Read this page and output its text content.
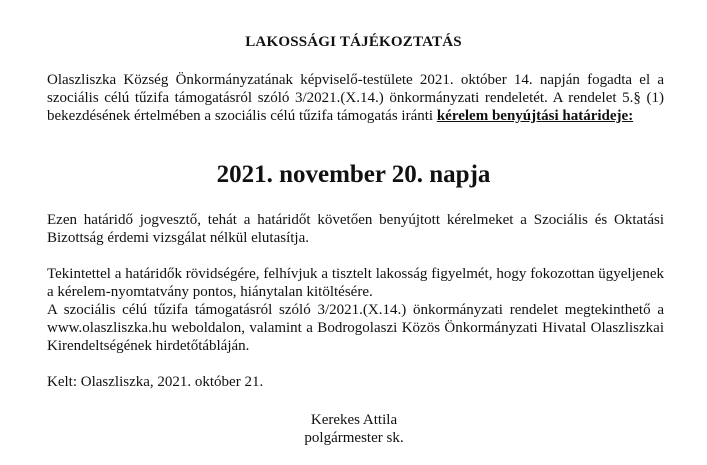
LAKOSSÁGI TÁJÉKOZTATÁS
Olaszliszka Község Önkormányzatának képviselő-testülete 2021. október 14. napján fogadta el a szociális célú tűzifa támogatásról szóló 3/2021.(X.14.) önkormányzati rendeletét. A rendelet 5.§ (1) bekezdésének értelmében a szociális célú tűzifa támogatás iránti kérelem benyújtási határideje:
2021. november 20. napja
Ezen határidő jogvesztő, tehát a határidőt követően benyújtott kérelmeket a Szociális és Oktatási Bizottság érdemi vizsgálat nélkül elutasítja.
Tekintettel a határidők rövidségére, felhívjuk a tisztelt lakosság figyelmét, hogy fokozottan ügyeljenek a kérelem-nyomtatvány pontos, hiánytalan kitöltésére.
A szociális célú tűzifa támogatásról szóló 3/2021.(X.14.) önkormányzati rendelet megtekinthető a www.olaszliszka.hu weboldalon, valamint a Bodrogolaszi Közös Önkormányzati Hivatal Olaszliszkai Kirendeltségének hirdetőtábláján.
Kelt: Olaszliszka, 2021. október 21.
Kerekes Attila
polgármester sk.
